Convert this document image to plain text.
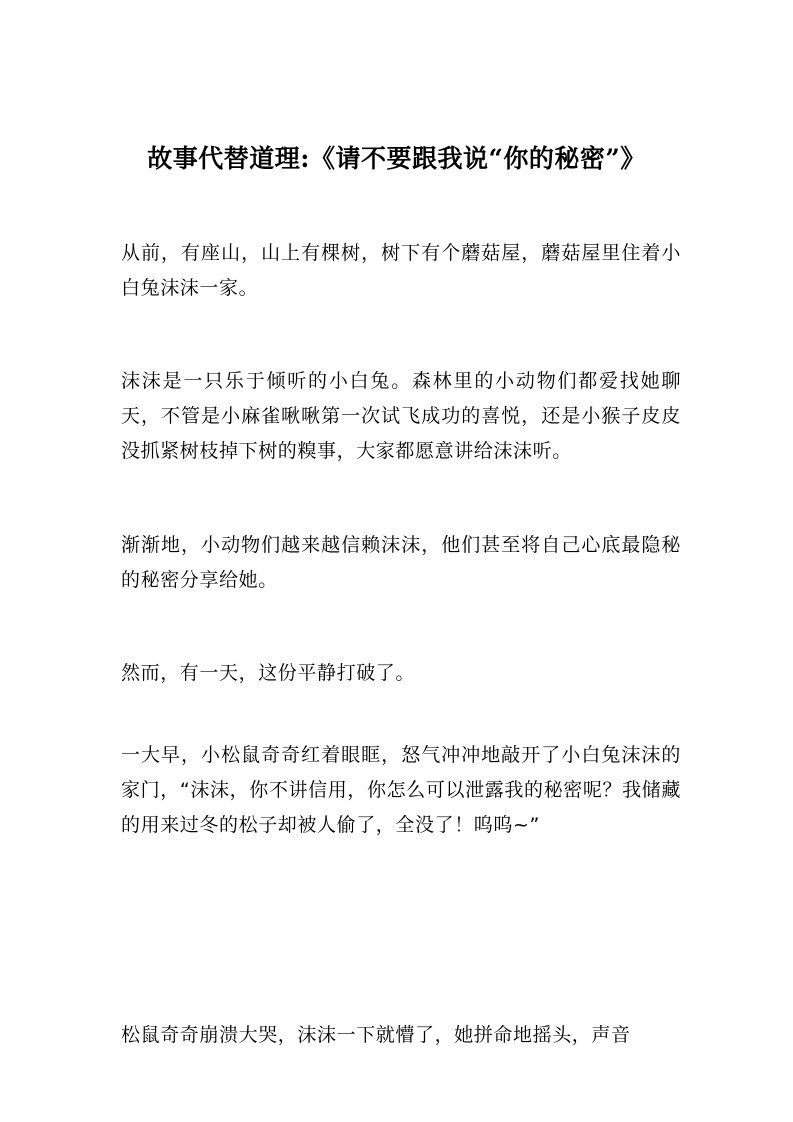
故事代替道理:《请不要跟我说“你的秘密”》

从前，有座山，山上有棵树，树下有个蘑菇屋，蘑菇屋里住着小白兔沫沫一家。

沫沫是一只乐于倾听的小白兔。森林里的小动物们都爱找她聊天，不管是小麻雀啾啾第一次试飞成功的喜悦，还是小猴子皮皮没抓紧树枝掉下树的糗事，大家都愿意讲给沫沫听。

渐渐地，小动物们越来越信赖沫沫，他们甚至将自己心底最隐秘的秘密分享给她。

然而，有一天，这份平静打破了。

一大早，小松鼠奇奇红着眼眶，怒气冲冲地敲开了小白兔沫沫的家门，“沫沫，你不讲信用，你怎么可以泄露我的秘密呢？我储藏的用来过冬的松子却被人偷了，全没了！呜呜~”

松鼠奇奇崩溃大哭，沫沫一下就懵了，她拼命地摇头，声音
